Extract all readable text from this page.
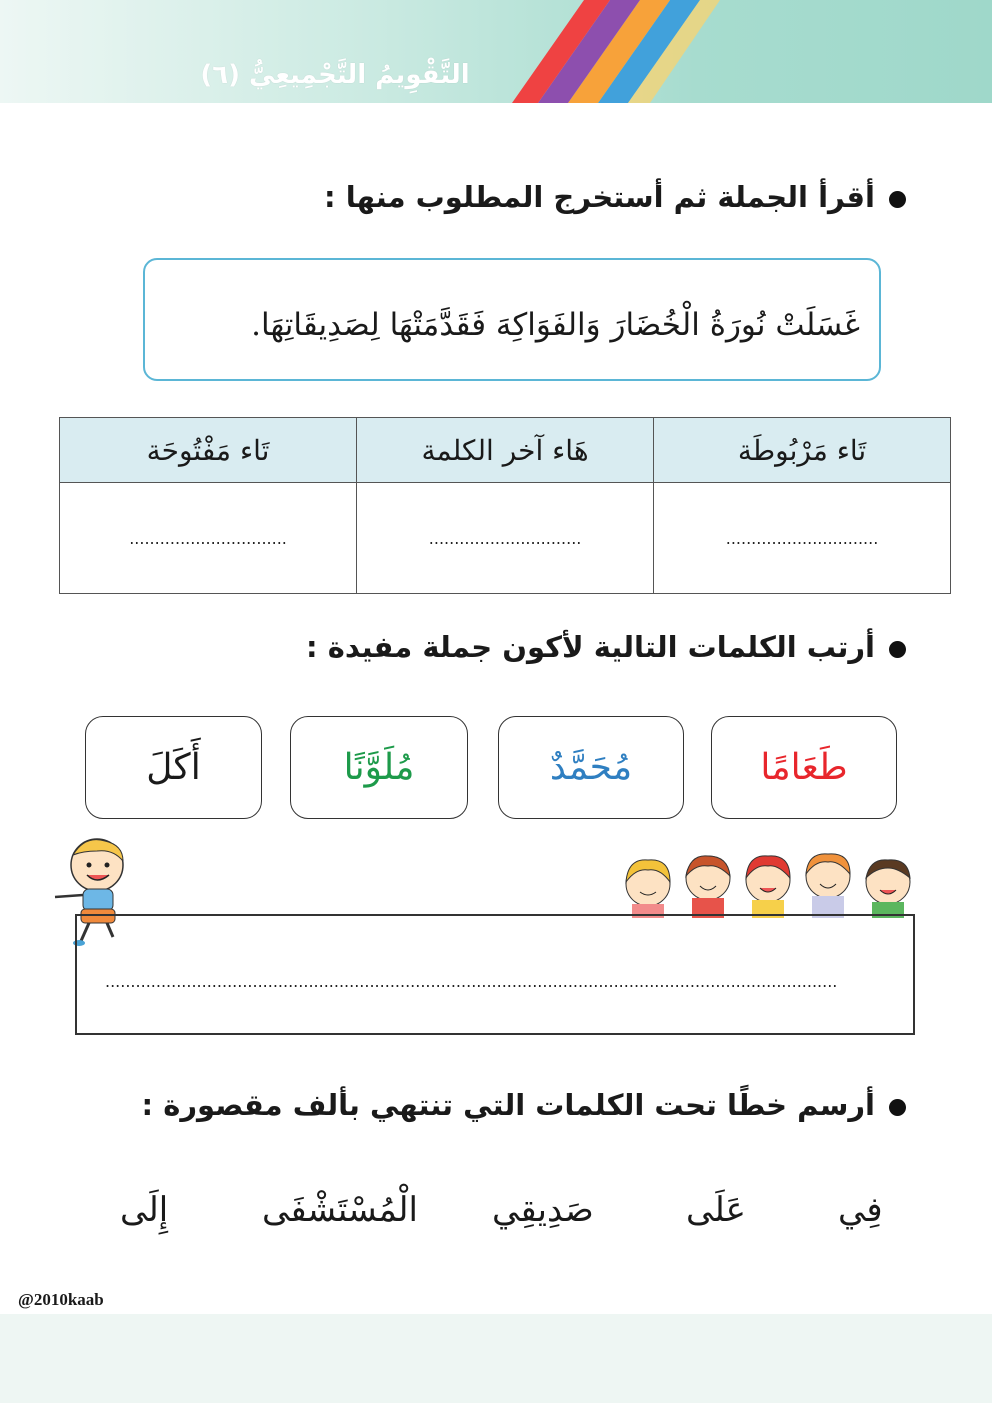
التَّقْوِيمُ التَّجْمِيعِيُّ (٦)
أقرأ الجملة ثم أستخرج المطلوب منها :
غَسَلَتْ نُورَةُ الْخُضَارَ وَالفَوَاكِهَ فَقَدَّمَتْهَا لِصَدِيقَاتِهَا.
تَاء مَرْبُوطَة	هَاء آخر الكلمة	تَاء مَفْتُوحَة
..............................	..............................	...............................
أرتب الكلمات التالية لأكون جملة مفيدة :
طَعَامًا
مُحَمَّدٌ
مُلَوَّنًا
أَكَلَ
................................................................................................................................................
أرسم خطًا تحت الكلمات التي تنتهي بألف مقصورة :
فِي
عَلَى
صَدِيقِي
الْمُسْتَشْفَى
إِلَى
@2010kaab
